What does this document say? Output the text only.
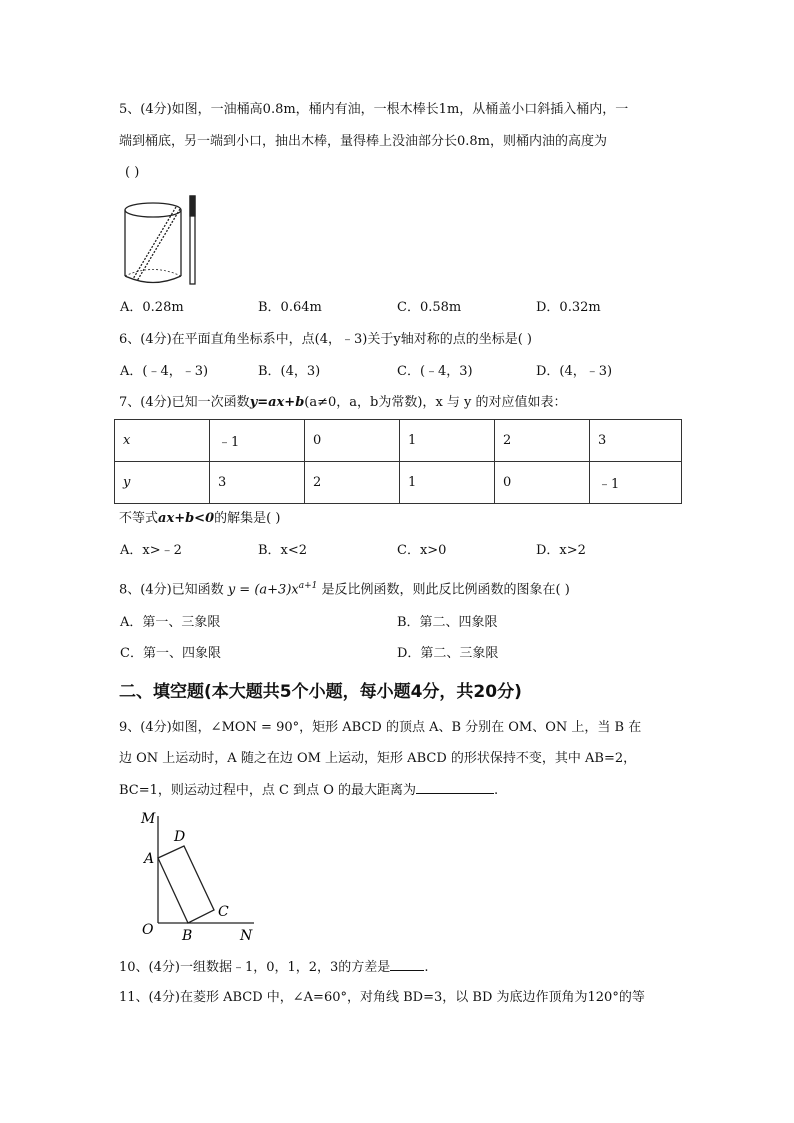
5、(4分)如图，一油桶高0.8m，桶内有油，一根木棒长1m，从桶盖小口斜插入桶内，一
端到桶底，另一端到小口，抽出木棒，量得棒上没油部分长0.8m，则桶内油的高度为
( )
A．0.28m	B．0.64m	C．0.58m	D．0.32m
6、(4分)在平面直角坐标系中，点(4，﹣3)关于y轴对称的点的坐标是( )
A．(﹣4，﹣3)	B．(4，3)	C．(﹣4，3)	D．(4，﹣3)
7、(4分)已知一次函数y=ax+b(a≠0，a，b为常数)，x 与 y 的对应值如表：
x	﹣1	0	1	2	3
y	3	2	1	0	﹣1
不等式ax+b<0的解集是( )
A．x>﹣2	B．x<2	C．x>0	D．x>2
8、(4分)已知函数 $y = (a+3)x^{a+1}$ 是反比例函数，则此反比例函数的图象在( )
A．第一、三象限	B．第二、四象限
C．第一、四象限	D．第二、三象限
二、填空题(本大题共5个小题，每小题4分，共20分)
9、(4分)如图，∠MON = 90°，矩形 ABCD 的顶点 A、B 分别在 OM、ON 上，当 B 在
边 ON 上运动时，A 随之在边 OM 上运动，矩形 ABCD 的形状保持不变，其中 AB=2，
BC=1，则运动过程中，点 C 到点 O 的最大距离为	.
M
D
A
C
O B	N
10、(4分)一组数据﹣1，0，1，2，3的方差是	.
11、(4分)在菱形 ABCD 中，∠A=60°，对角线 BD=3，以 BD 为底边作顶角为120°的等
